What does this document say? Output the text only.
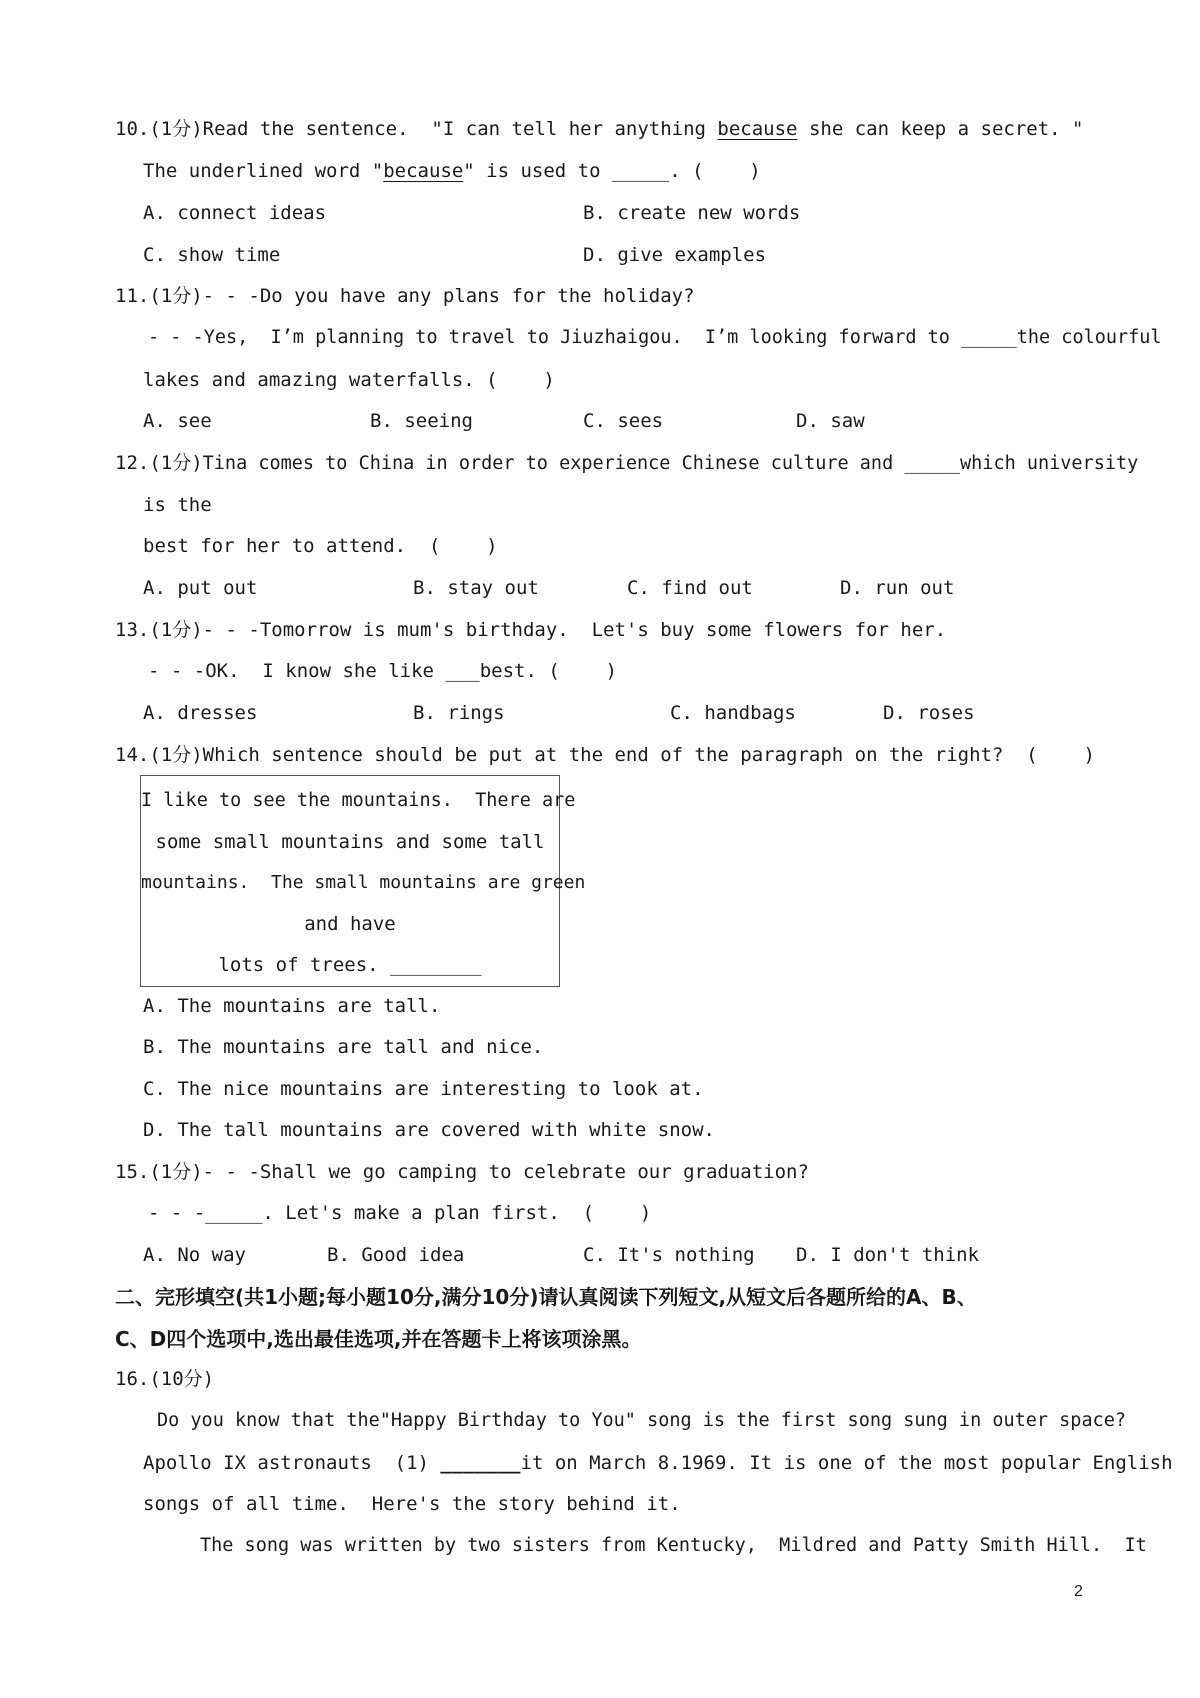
10.(1分)Read the sentence.  "I can tell her anything because she can keep a secret. "
The underlined word "because" is used to _____. (    )
A. connect ideas	B. create new words
C. show time	D. give examples
11.(1分)- - -Do you have any plans for the holiday?
- - -Yes,  I’m planning to travel to Jiuzhaigou.  I’m looking forward to _____the colourful
lakes and amazing waterfalls. (    )
A. see	B. seeing	C. sees	D. saw
12.(1分)Tina comes to China in order to experience Chinese culture and _____which university
is the
best for her to attend.  (    )
A. put out	B. stay out	C. find out	D. run out
13.(1分)- - -Tomorrow is mum's birthday.  Let's buy some flowers for her.
- - -OK.  I know she like ___best. (    )
A. dresses	B. rings	C. handbags	D. roses
14.(1分)Which sentence should be put at the end of the paragraph on the right?  (    )
I like to see the mountains.  There are
some small mountains and some tall
mountains.  The small mountains are green
and have
lots of trees. ________
A. The mountains are tall.
B. The mountains are tall and nice.
C. The nice mountains are interesting to look at.
D. The tall mountains are covered with white snow.
15.(1分)- - -Shall we go camping to celebrate our graduation?
- - -_____. Let's make a plan first.  (    )
A. No way	B. Good idea	C. It's nothing D. I don't think
二、完形填空(共1小题;每小题10分,满分10分)请认真阅读下列短文,从短文后各题所给的A、B、
C、D四个选项中,选出最佳选项,并在答题卡上将该项涂黑。
16.(10分)
Do you know that the"Happy Birthday to You" song is the first song sung in outer space?
Apollo IX astronauts  (1) _______it on March 8.1969. It is one of the most popular English
songs of all time.  Here's the story behind it.
The song was written by two sisters from Kentucky,  Mildred and Patty Smith Hill.  It
2
